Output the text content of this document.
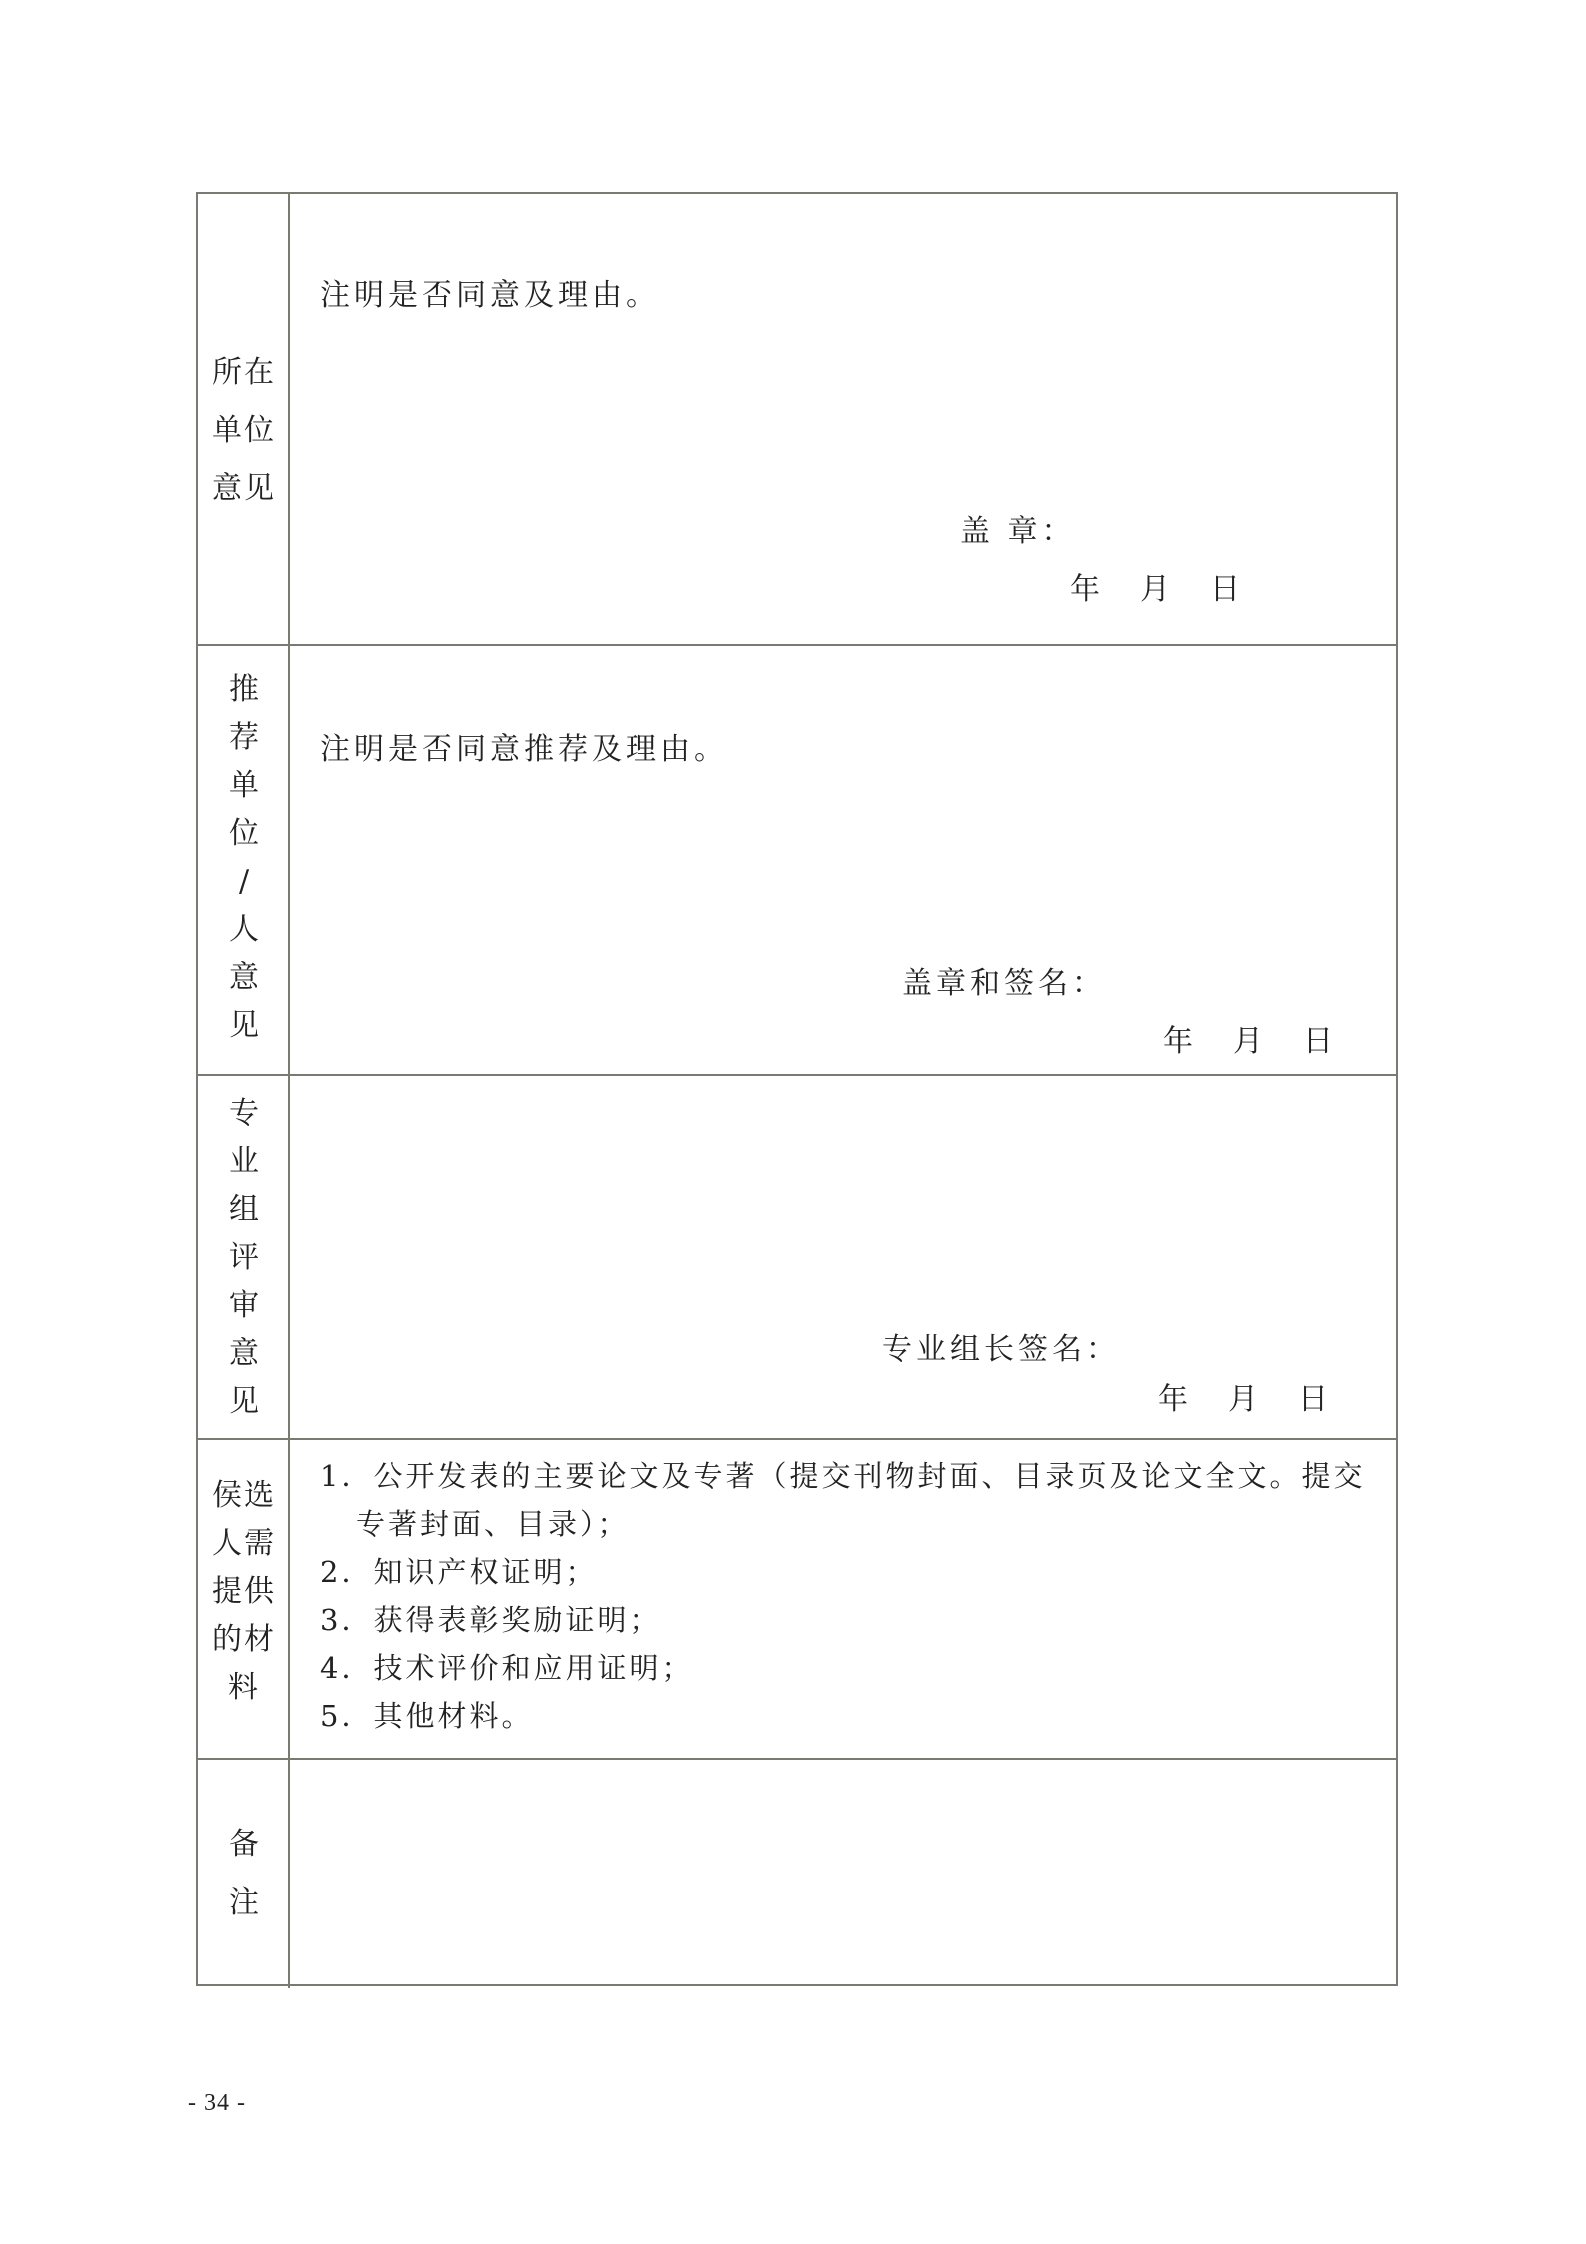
所在单位意见
注明是否同意及理由。
盖 章：
年 月 日
推
荐
单
位
/
人
意
见
注明是否同意推荐及理由。
盖章和签名：
年 月 日
专
业
组
评
审
意
见
专业组长签名：
年 月 日
侯选人需提供的材料
1．公开发表的主要论文及专著（提交刊物封面、目录页及论文全文。提交
专著封面、目录）；
2．知识产权证明；
3．获得表彰奖励证明；
4．技术评价和应用证明；
5．其他材料。
备
注
- 34 -
